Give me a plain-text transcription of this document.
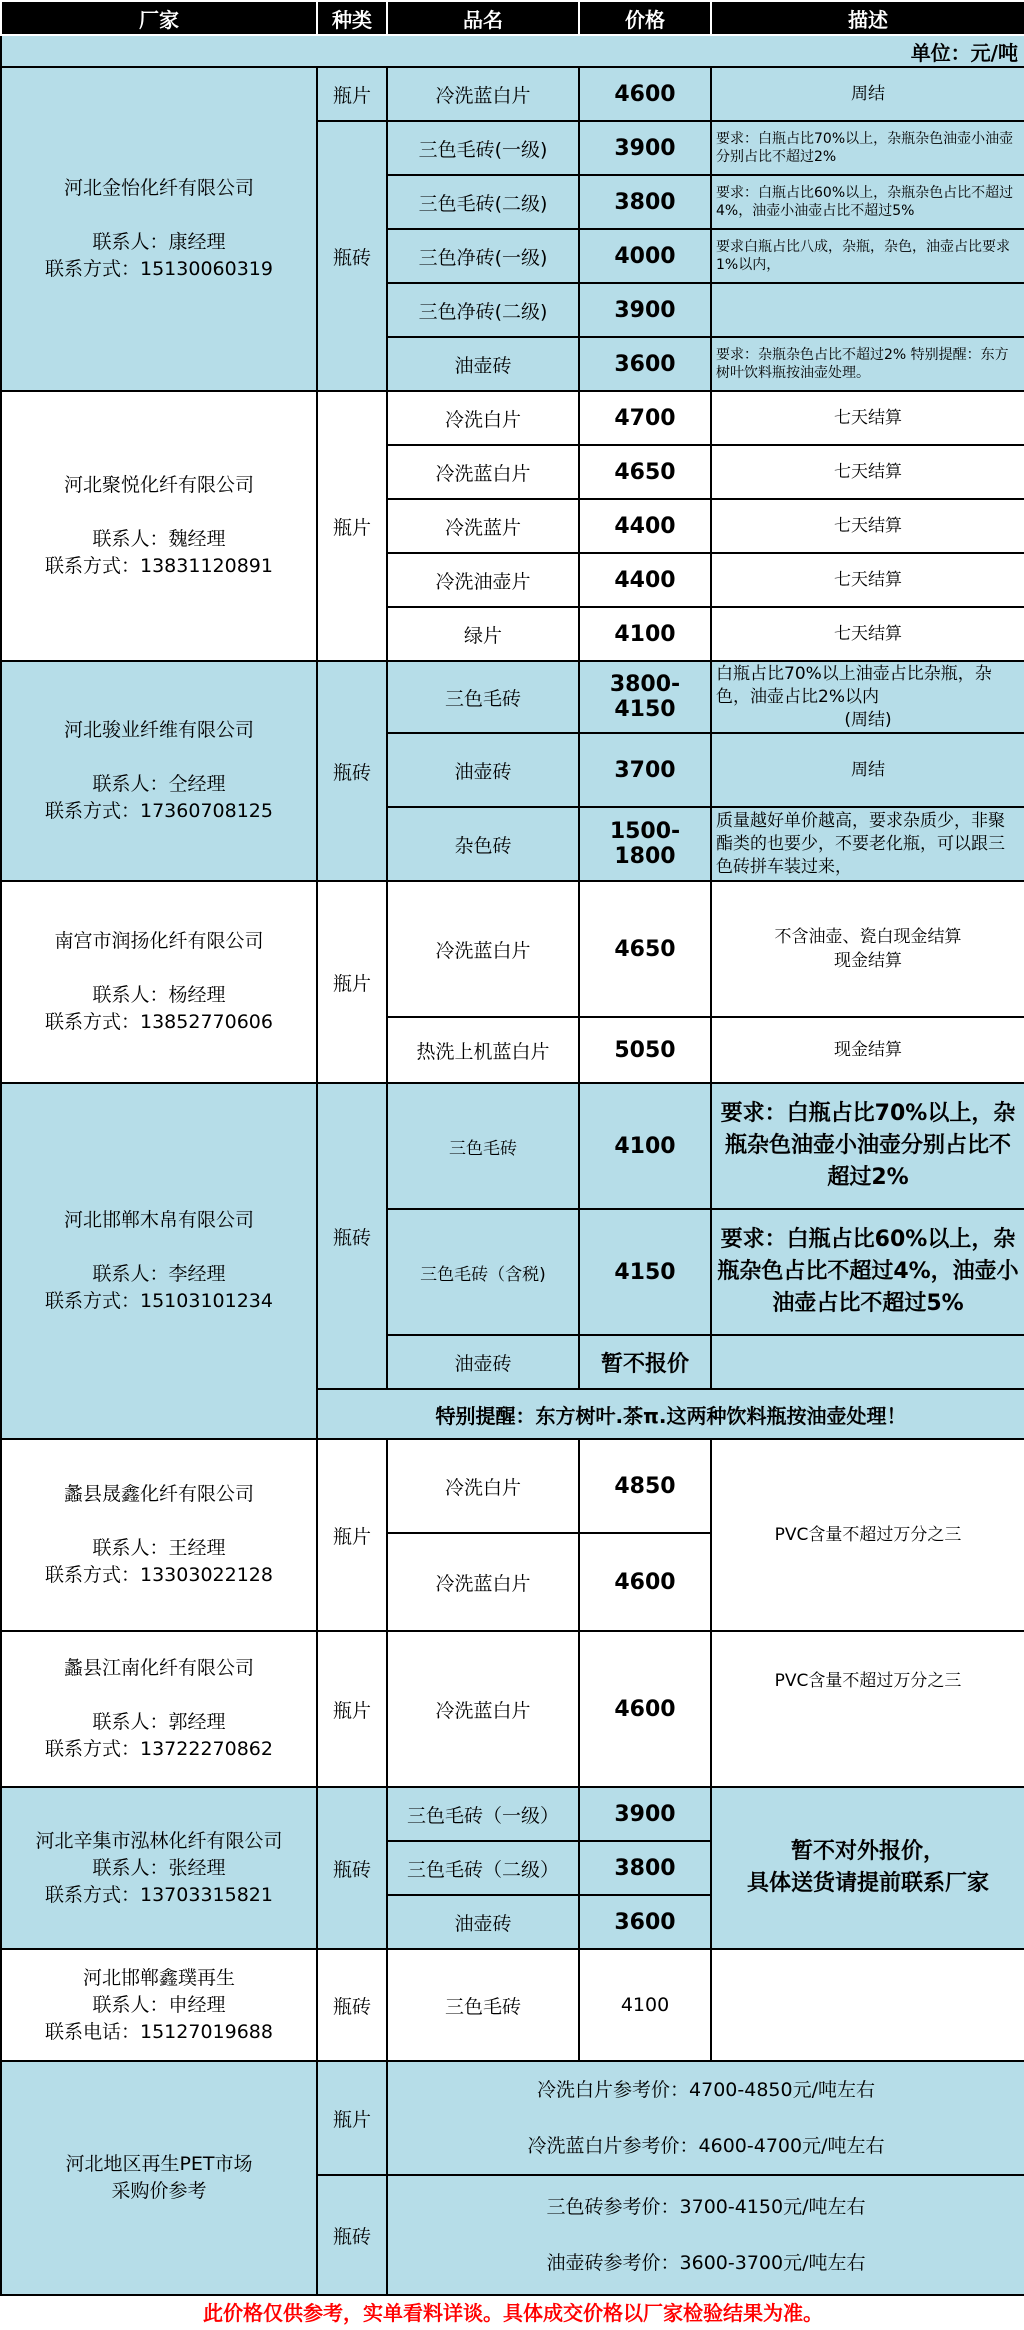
厂家	种类	品名	价格	描述
单位：元/吨				

河北金怡化纤有限公司
联系人：康经理
联系方式：15130060319	瓶片	冷洗蓝白片	4600	周结
	瓶砖	三色毛砖(一级)	3900	要求：白瓶占比70%以上，杂瓶杂色油壶小油壶分别占比不超过2%
		三色毛砖(二级)	3800	要求：白瓶占比60%以上，杂瓶杂色占比不超过4%，油壶小油壶占比不超过5%
		三色净砖(一级)	4000	要求白瓶占比八成，杂瓶，杂色，油壶占比要求1%以内，
		三色净砖(二级)	3900	
		油壶砖	3600	要求：杂瓶杂色占比不超过2% 特别提醒：东方树叶饮料瓶按油壶处理。

河北聚悦化纤有限公司
联系人：魏经理
联系方式：13831120891	瓶片	冷洗白片	4700	七天结算
		冷洗蓝白片	4650	七天结算
		冷洗蓝片	4400	七天结算
		冷洗油壶片	4400	七天结算
		绿片	4100	七天结算

河北骏业纤维有限公司
联系人：仝经理
联系方式：17360708125	瓶砖	三色毛砖	3800-4150	白瓶占比70%以上油壶占比杂瓶，杂色，油壶占比2%以内
(周结)

		油壶砖	3700	周结
		杂色砖	1500-1800	质量越好单价越高，要求杂质少，非聚酯类的也要少，不要老化瓶，可以跟三色砖拼车装过来，

南宫市润扬化纤有限公司
联系人：杨经理
联系方式：13852770606	瓶片	冷洗蓝白片	4650	不含油壶、瓷白现金结算
现金结算

		热洗上机蓝白片	5050	现金结算

河北邯郸木帛有限公司
联系人：李经理
联系方式：15103101234	瓶砖	三色毛砖	4100	要求：白瓶占比70%以上，杂瓶杂色油壶小油壶分别占比不超过2%
		三色毛砖（含税)	4150	要求：白瓶占比60%以上，杂瓶杂色占比不超过4%，油壶小油壶占比不超过5%
		油壶砖	暂不报价	
	特别提醒：东方树叶.茶π.这两种饮料瓶按油壶处理！			

蠡县晟鑫化纤有限公司
联系人：王经理
联系方式：13303022128	瓶片	冷洗白片	4850	PVC含量不超过万分之三
		冷洗蓝白片	4600	

蠡县江南化纤有限公司
联系人：郭经理
联系方式：13722270862	瓶片	冷洗蓝白片	4600	PVC含量不超过万分之三

河北辛集市泓林化纤有限公司
联系人：张经理
联系方式：13703315821	瓶砖	三色毛砖（一级）	3900	暂不对外报价，
具体送货请提前联系厂家

		三色毛砖（二级）	3800	
		油壶砖	3600	

河北邯郸鑫璞再生
联系人：申经理
联系电话：15127019688	瓶砖	三色毛砖	4100	

河北地区再生PET市场
采购价参考	瓶片	冷洗白片参考价：4700-4850元/吨左右
冷洗蓝白片参考价：4600-4700元/吨左右		

	瓶砖	三色砖参考价：3700-4150元/吨左右
油壶砖参考价：3600-3700元/吨左右		

此价格仅供参考，实单看料详谈。具体成交价格以厂家检验结果为准。				
